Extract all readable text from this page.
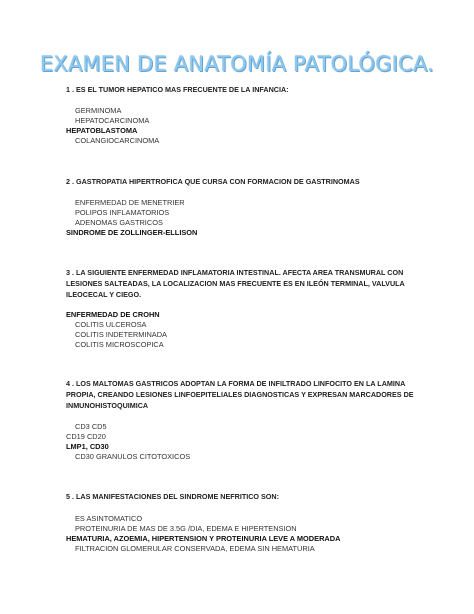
EXAMEN DE ANATOMÍA PATOLÓGICA.
1 . ES EL TUMOR HEPATICO MAS FRECUENTE DE LA INFANCIA:
GERMINOMA
HEPATOCARCINOMA
HEPATOBLASTOMA
COLANGIOCARCINOMA
2 . GASTROPATIA HIPERTROFICA QUE CURSA CON FORMACION DE GASTRINOMAS
ENFERMEDAD DE MENETRIER
POLIPOS INFLAMATORIOS
ADENOMAS GASTRICOS
SINDROME DE ZOLLINGER-ELLISON
3 . LA SIGUIENTE ENFERMEDAD INFLAMATORIA INTESTINAL. AFECTA AREA TRANSMURAL CON LESIONES SALTEADAS, LA LOCALIZACION MAS FRECUENTE ES EN ILEÓN TERMINAL, VALVULA ILEOCECAL Y CIEGO.
ENFERMEDAD DE CROHN
COLITIS ULCEROSA
COLITIS INDETERMINADA
COLITIS MICROSCOPICA
4 . LOS MALTOMAS GASTRICOS ADOPTAN LA FORMA DE INFILTRADO LINFOCITO EN LA LAMINA PROPIA, CREANDO LESIONES LINFOEPITELIALES DIAGNOSTICAS Y EXPRESAN MARCADORES DE INMUNOHISTOQUIMICA
CD3 CD5
CD19 CD20
LMP1, CD30
CD30 GRANULOS CITOTOXICOS
5 . LAS MANIFESTACIONES DEL SINDROME NEFRITICO SON:
ES ASINTOMATICO
PROTEINURIA DE MAS DE 3.5G /DIA, EDEMA E HIPERTENSION
HEMATURIA, AZOEMIA, HIPERTENSION Y PROTEINURIA LEVE A MODERADA
FILTRACION GLOMERULAR CONSERVADA, EDEMA SIN HEMATURIA
